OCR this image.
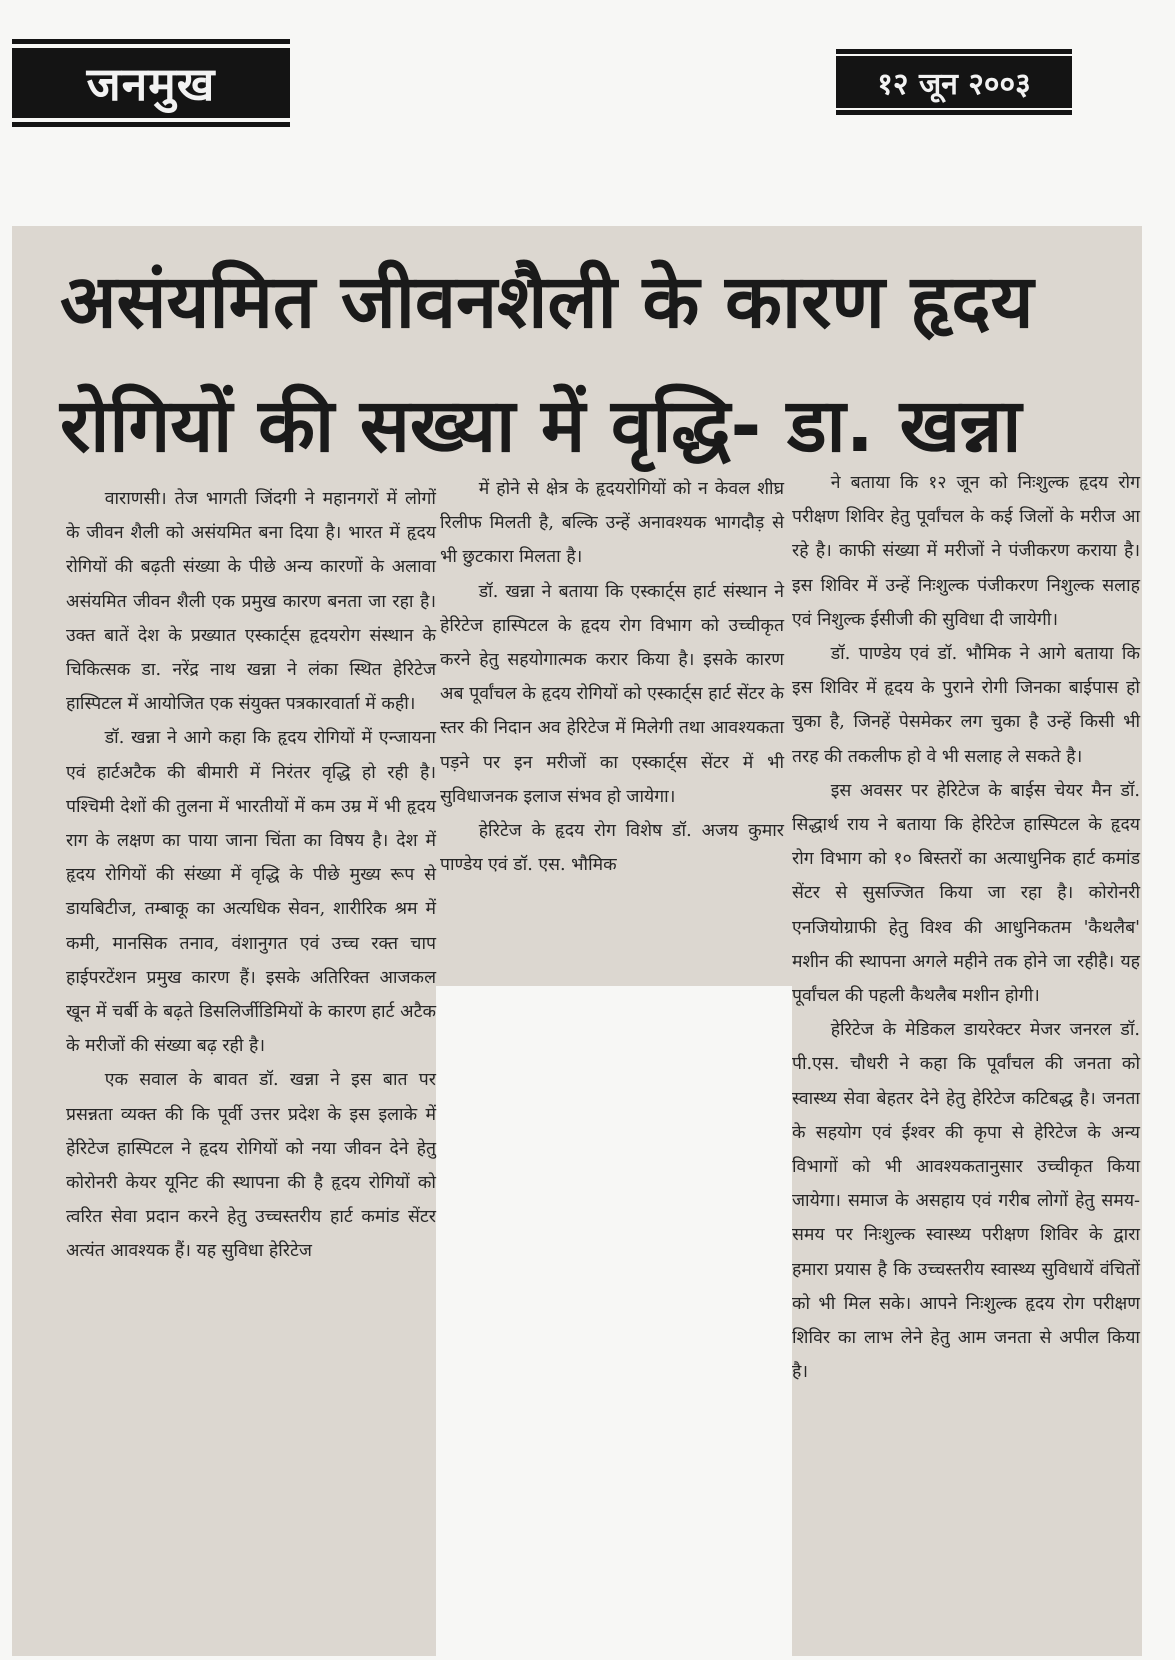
जनमुख	१२ जून २००३
असंयमित जीवनशैली के कारण हृदय रोगियों की सख्या में वृद्धि- डा. खन्ना

वाराणसी। तेज भागती जिंदगी ने महानगरों में लोगों के जीवन शैली को असंयमित बना दिया है। भारत में हृदय रोगियों की बढ़ती संख्या के पीछे अन्य कारणों के अलावा असंयमित जीवन शैली एक प्रमुख कारण बनता जा रहा है। उक्त बातें देश के प्रख्यात एस्कार्ट्स हृदयरोग संस्थान के चिकित्सक डा. नरेंद्र नाथ खन्ना ने लंका स्थित हेरिटेज हास्पिटल में आयोजित एक संयुक्त पत्रकारवार्ता में कही।

डॉ. खन्ना ने आगे कहा कि हृदय रोगियों में एन्जायना एवं हार्टअटैक की बीमारी में निरंतर वृद्धि हो रही है। पश्चिमी देशों की तुलना में भारतीयों में कम उम्र में भी हृदय राग के लक्षण का पाया जाना चिंता का विषय है। देश में हृदय रोगियों की संख्या में वृद्धि के पीछे मुख्य रूप से डायबिटीज, तम्बाकू का अत्यधिक सेवन, शारीरिक श्रम में कमी, मानसिक तनाव, वंशानुगत एवं उच्च रक्त चाप हाईपरटेंशन प्रमुख कारण हैं। इसके अतिरिक्त आजकल खून में चर्बी के बढ़ते डिसलिर्जीडिमियों के कारण हार्ट अटैक के मरीजों की संख्या बढ़ रही है।

एक सवाल के बावत डॉ. खन्ना ने इस बात पर प्रसन्नता व्यक्त की कि पूर्वी उत्तर प्रदेश के इस इलाके में हेरिटेज हास्पिटल ने हृदय रोगियों को नया जीवन देने हेतु कोरोनरी केयर यूनिट की स्थापना की है हृदय रोगियों को त्वरित सेवा प्रदान करने हेतु उच्चस्तरीय हार्ट कमांड सेंटर अत्यंत आवश्यक हैं। यह सुविधा हेरिटेज

में होने से क्षेत्र के हृदयरोगियों को न केवल शीघ्र रिलीफ मिलती है, बल्कि उन्हें अनावश्यक भागदौड़ से भी छुटकारा मिलता है।

डॉ. खन्ना ने बताया कि एस्कार्ट्स हार्ट संस्थान ने हेरिटेज हास्पिटल के हृदय रोग विभाग को उच्चीकृत करने हेतु सहयोगात्मक करार किया है। इसके कारण अब पूर्वांचल के हृदय रोगियों को एस्कार्ट्स हार्ट सेंटर के स्तर की निदान अव हेरिटेज में मिलेगी तथा आवश्यकता पड़ने पर इन मरीजों का एस्कार्ट्स सेंटर में भी सुविधाजनक इलाज संभव हो जायेगा।

हेरिटेज के हृदय रोग विशेष डॉ. अजय कुमार पाण्डेय एवं डॉ. एस. भौमिक

ने बताया कि १२ जून को निःशुल्क हृदय रोग परीक्षण शिविर हेतु पूर्वांचल के कई जिलों के मरीज आ रहे है। काफी संख्या में मरीजों ने पंजीकरण कराया है। इस शिविर में उन्हें निःशुल्क पंजीकरण निशुल्क सलाह एवं निशुल्क ईसीजी की सुविधा दी जायेगी।

डॉ. पाण्डेय एवं डॉ. भौमिक ने आगे बताया कि इस शिविर में हृदय के पुराने रोगी जिनका बाईपास हो चुका है, जिनहें पेसमेकर लग चुका है उन्हें किसी भी तरह की तकलीफ हो वे भी सलाह ले सकते है।

इस अवसर पर हेरिटेज के बाईस चेयर मैन डॉ. सिद्धार्थ राय ने बताया कि हेरिटेज हास्पिटल के हृदय रोग विभाग को १० बिस्तरों का अत्याधुनिक हार्ट कमांड सेंटर से सुसज्जित किया जा रहा है। कोरोनरी एनजियोग्राफी हेतु विश्व की आधुनिकतम 'कैथलैब' मशीन की स्थापना अगले महीने तक होने जा रहीहै। यह पूर्वांचल की पहली कैथलैब मशीन होगी।

हेरिटेज के मेडिकल डायरेक्टर मेजर जनरल डॉ. पी.एस. चौधरी ने कहा कि पूर्वांचल की जनता को स्वास्थ्य सेवा बेहतर देने हेतु हेरिटेज कटिबद्ध है। जनता के सहयोग एवं ईश्वर की कृपा से हेरिटेज के अन्य विभागों को भी आवश्यकतानुसार उच्चीकृत किया जायेगा। समाज के असहाय एवं गरीब लोगों हेतु समय-समय पर निःशुल्क स्वास्थ्य परीक्षण शिविर के द्वारा हमारा प्रयास है कि उच्चस्तरीय स्वास्थ्य सुविधायें वंचितों को भी मिल सके। आपने निःशुल्क हृदय रोग परीक्षण शिविर का लाभ लेने हेतु आम जनता से अपील किया है।
